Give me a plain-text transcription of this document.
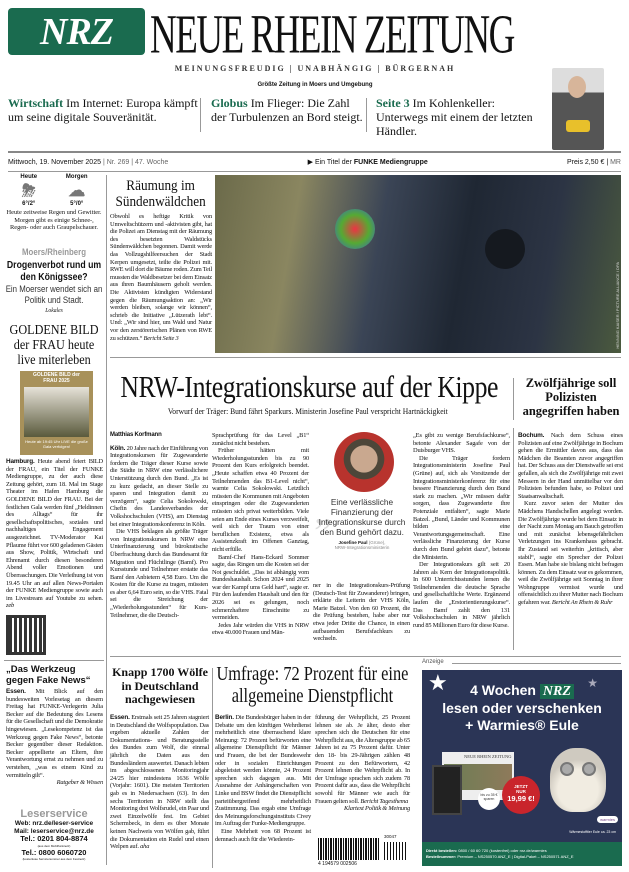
NRZ NEUE RHEIN ZEITUNG
MEINUNGSFREUDIG | UNABHÄNGIG | BÜRGERNAH
Größte Zeitung in Moers und Umgebung
Wirtschaft Im Internet: Europa kämpft um seine digitale Souveränität.
Globus Im Flieger: Die Zahl der Turbulenzen an Bord steigt.
Seite 3 Im Kohlenkeller: Unterwegs mit einem der letzten Händler.
Mittwoch, 19. November 2025 | Nr. 269 | 47. Woche	▶ Ein Titel der FUNKE Mediengruppe	Preis 2,50 € | MR
Heute
⛈
6°/2°
Morgen
☁
5°/0°
Heute zeitweise Regen und Gewitter. Morgen gibt es einige Schnee-, Regen- oder auch Graupelschauer.
Moers/Rheinberg
Drogenverbot rund um den Königssee?
Ein Moerser wendet sich an Politik und Stadt.
Lokales
GOLDENE BILD der FRAU heute live miterleben
GOLDENE BILD der FRAU 2025
Heute ab 19:45 Uhr LIVE die große Gala verfolgen!

Hamburg. Heute abend feiert BILD der FRAU, ein Titel der FUNKE Mediengruppe, zu der auch diese Zeitung gehört, zum 18. Mal im Stage Theater im Hafen Hamburg die GOLDENE BILD der FRAU. Bei der festlichen Gala werden fünf „Heldinnen des Alltags“ für ihr gesellschaftspolitisches, soziales und nachhaltiges Engagement ausgezeichnet. TV-Moderator Kai Pflaume führt vor 600 geladenen Gästen aus Show, Politik, Wirtschaft und Ehrenamt durch diesen besonderen Abend voller Emotionen und Überraschungen. Die Verleihung ist von 19.45 Uhr an auf allen News-Portalen der FUNKE Mediengruppe sowie auch im Livestream auf Youtube zu sehen. zeb

Räumung im Sündenwäldchen

Obwohl es heftige Kritik von Umweltschützern und -aktivisten gibt, hat die Polizei am Dienstag mit der Räumung des besetzten Waldstücks Sündenwäldchen begonnen. Damit werde das Vollzugshilfeersuchen der Stadt Kerpen umgesetzt, teilte die Polizei mit. RWE will dort die Bäume roden. Zum Teil mussten die Waldbesetzer bei dem Einsatz aus ihren Baumhäusern geholt werden. Die Aktivisten kündigten Widerstand gegen die Räumungsaktion an: „Wir werden bleiben, solange wir können“, schrieb die Initiative „Lützerath lebt“. Und: „Wir sind hier, um Wald und Natur vor den zerstörerischen Plänen von RWE zu schützen.“ Bericht Seite 3	HENNING KAISER / PICTURE ALLIANCE / DPA
NRW-Integrationskurse auf der Kippe
Vorwurf der Träger: Bund fährt Sparkurs. Ministerin Josefine Paul verspricht Hartnäckigkeit
Matthias Korfmann

Köln. 20 Jahre nach der Einführung von Integrationskursen für Zugewanderte fordern die Träger dieser Kurse sowie die Städte in NRW eine verlässlichere Unterstützung durch den Bund. „Es ist zu kurz gedacht, an dieser Stelle zu sparen und Integration damit zu verzögern“, sagte Celia Sokolowski, Chefin des Landesverbandes der Volkshochschulen (VHS), am Dienstag bei einer Integrationskonferenz in Köln.

Die VHS beklagen als größte Träger von Integrationskursen in NRW eine Unterfinanzierung und bürokratische Überfrachtung durch das Bundesamt für Migration und Flüchtlinge (Bamf). Pro Kursstunde und Teilnehmer erstatte das Bamf den Anbietern 4,58 Euro. Um die Kosten für die Kurse zu tragen, müssten es aber 6,64 Euro sein, so die VHS. Fatal sei die Streichung der „Wiederholungsstunden“ für Kurs-Teilnehmer, die die Deutsch-

Sprachprüfung für das Level „B1“ zunächst nicht bestehen.

Früher hätten mit Wiederholungsstunden bis zu 90 Prozent den Kurs erfolgreich beendet. „Heute schaffen etwa 40 Prozent der Teilnehmenden das B1-Level nicht“, warnte Celia Sokolowski. Letztlich müssten die Kommunen mit Angeboten einspringen oder die Zugewanderten müssten sich privat weiterbilden. Viele seien am Ende eines Kurses verzweifelt, weil sich der Traum von einer beruflichen Existenz, etwa als Assistenzkraft im Offenen Ganztag, nicht erfülle.

Bamf-Chef Hans-Eckard Sommer sagte, das Ringen um die Kosten sei der Not geschuldet. „Das ist abhängig vom Bundeshaushalt. Schon 2024 und 2025 war der Kampf ums Geld hart“, sagte er. Für den laufenden Haushalt und den für 2026 sei es gelungen, noch schmerzhaftere Einschnitte zu vermeiden.

Jedes Jahr würden die VHS in NRW etwa 40.000 Frauen und Män-

„ Eine verlässliche Finanzierung der Integrationskurse durch den Bund gehört dazu.
Josefine Paul (Grüne),
NRW-Integrationsministerin

ner in die Integrationskurs-Prüfung (Deutsch-Test für Zuwanderer) bringen, erklärte die Leiterin der VHS Köln, Marie Batzel. Von den 60 Prozent, die die Prüfung bestehen, habe aber nur etwa jeder Dritte die Chance, in einen aufbauenden Berufsfachkurs zu wechseln.

„Es gibt zu wenige Berufsfachkurse“, betonte Alexander Sagafe von der Duisburger VHS.

Die Träger fordern Integrationsministerin Josefine Paul (Grüne) auf, sich als Vorsitzende der Integrationsministerkonferenz für eine bessere Finanzierung durch den Bund stark zu machen. „Wir müssen dafür sorgen, dass Zugewanderte ihre Potenziale entfalten“, sagte Marie Batzel. „Bund, Länder und Kommunen bilden eine Verantwortungsgemeinschaft. Eine verlässliche Finanzierung der Kurse durch den Bund gehört dazu“, betonte die Ministerin.

Der Integrationskurs gilt seit 20 Jahren als Kern der Integrationspolitik. In 600 Unterrichtsstunden lernen die Teilnehmenden die deutsche Sprache und gesellschaftliche Werte. Ergänzend laufen die „Erstorientierungskurse“. Das Bamf zahlt den 131 Volkshochschulen in NRW jährlich rund 85 Millionen Euro für diese Kurse.

Zwölfjährige soll Polizisten angegriffen haben

Bochum. Nach dem Schuss eines Polizisten auf eine Zwölfjährige in Bochum gehen die Ermittler davon aus, dass das Mädchen die Beamten zuvor angegriffen hat. Der Schuss aus der Dienstwaffe sei erst gefallen, als sich die Zwölfjährige mit zwei Messern in der Hand unmittelbar vor den Polizisten befunden habe, so Polizei und Staatsanwaltschaft.

Kurz zuvor seien der Mutter des Mädchens Handschellen angelegt worden. Die Zwölfjährige wurde bei dem Einsatz in der Nacht zum Montag am Bauch getroffen und mit zunächst lebensgefährlichen Verletzungen ins Krankenhaus gebracht. Ihr Zustand sei weiterhin „kritisch, aber stabil“, sagte ein Sprecher der Polizei Essen. Man habe sie bislang nicht befragen können. Zu dem Einsatz war es gekommen, weil die Zwölfjährige seit Sonntag in ihrer Wohngruppe vermisst wurde und offensichtlich zu ihrer Mutter nach Bochum gefahren war. Bericht An Rhein & Ruhr

„Das Werkzeug gegen Fake News“

Essen. Mit Blick auf den bundesweiten Vorlesetag an diesem Freitag hat FUNKE-Verlegerin Julia Becker auf die Bedeutung des Lesens für die Gesellschaft und die Demokratie hingewiesen. „Lesekompetenz ist das Werkzeug gegen Fake News“, betonte Becker gegenüber dieser Redaktion. Becker appellierte an Eltern, ihre Verantwortung ernst zu nehmen und zu verstehen, „was es einem Kind zu vermitteln gilt“.

Ratgeber & Wissen
Leserservice
Web: nrz.de/leser-service
Mail: leserservice@nrz.de
Tel.: 0201 804-8874
(aus dem Mobilfunknetz)
Tel.: 0800 6060720
(kostenlose Servicenummer aus dem Festnetz)
Knapp 1700 Wölfe in Deutschland nachgewiesen

Essen. Erstmals seit 25 Jahren stagniert in Deutschland die Wolfspopulation. Das ergeben aktuelle Zahlen der Dokumentations- und Beratungsstelle des Bundes zum Wolf, die einmal jährlich die Daten aus den Bundesländern auswertet. Danach lebten im abgeschlossenen Monitoringjahr 24/25 hier mindestens 1636 Wölfe (Vorjahr: 1601). Die meisten Territorien gab es in Niedersachsen (63). In den sechs Territorien in NRW stellt das Monitoring drei Wolfsrudel, ein Paar und zwei Einzelwölfe fest. Im Gebiet Schermbeck, in dem es über Monate keinen Nachweis von Wölfen gab, führt die Dokumentation ein Rudel und einen Welpen auf. aha

Umfrage: 72 Prozent für eine allgemeine Dienstpflicht

Berlin. Die Bundesbürger haben in der Debatte um den künftigen Wehrdienst mehrheitlich eine überraschend klare Meinung: 72 Prozent befürworten eine allgemeine Dienstpflicht für Männer und Frauen, die bei der Bundeswehr oder in sozialen Einrichtungen abgeleistet werden könnte, 24 Prozent sprechen sich dagegen aus. Mit Ausnahme der Anhängerschaften von Linke und BSW findet die Dienstpflicht parteiübergreifend mehrheitlich Zustimmung. Das ergab eine Umfrage des Meinungsforschungsinstituts Civey im Auftrag der Funke-Mediengruppe.

Eine Mehrheit von 68 Prozent ist demnach auch für die Wiederein-

führung der Wehrpflicht, 25 Prozent lehnen sie ab. Je älter, desto eher sprechen sich die Deutschen für eine Wehrpflicht aus, die Altersgruppe ab 65 Jahren ist zu 75 Prozent dafür. Unter den 18- bis 29-Jährigen zählen 48 Prozent zu den Befürwortern, 42 Prozent lehnen die Wehrpflicht ab. In der Umfrage sprachen sich zudem 78 Prozent dafür aus, dass die Wehrpflicht sowohl für Männer wie auch für Frauen gelten soll. Bericht Tagesthema

Klartext Politik & Meinung
30047
4 194579 002506
Anzeige
★	★
4 Wochen NRZ
lesen oder verschenken
+ Warmies® Eule
NEUE RHEIN ZEITUNG
bis zu 35 € sparen
JETZT NUR
19,99 €!
warmies
Wärmestofftier Eule ca. 23 cm
Direkt bestellen: 0800 / 60 60 720 (kostenfrei) oder nrz.de/warmies
Bestellnummer: Premium – NS250570 ANZ_E | Digital-Paket – NS250571 ANZ_E
